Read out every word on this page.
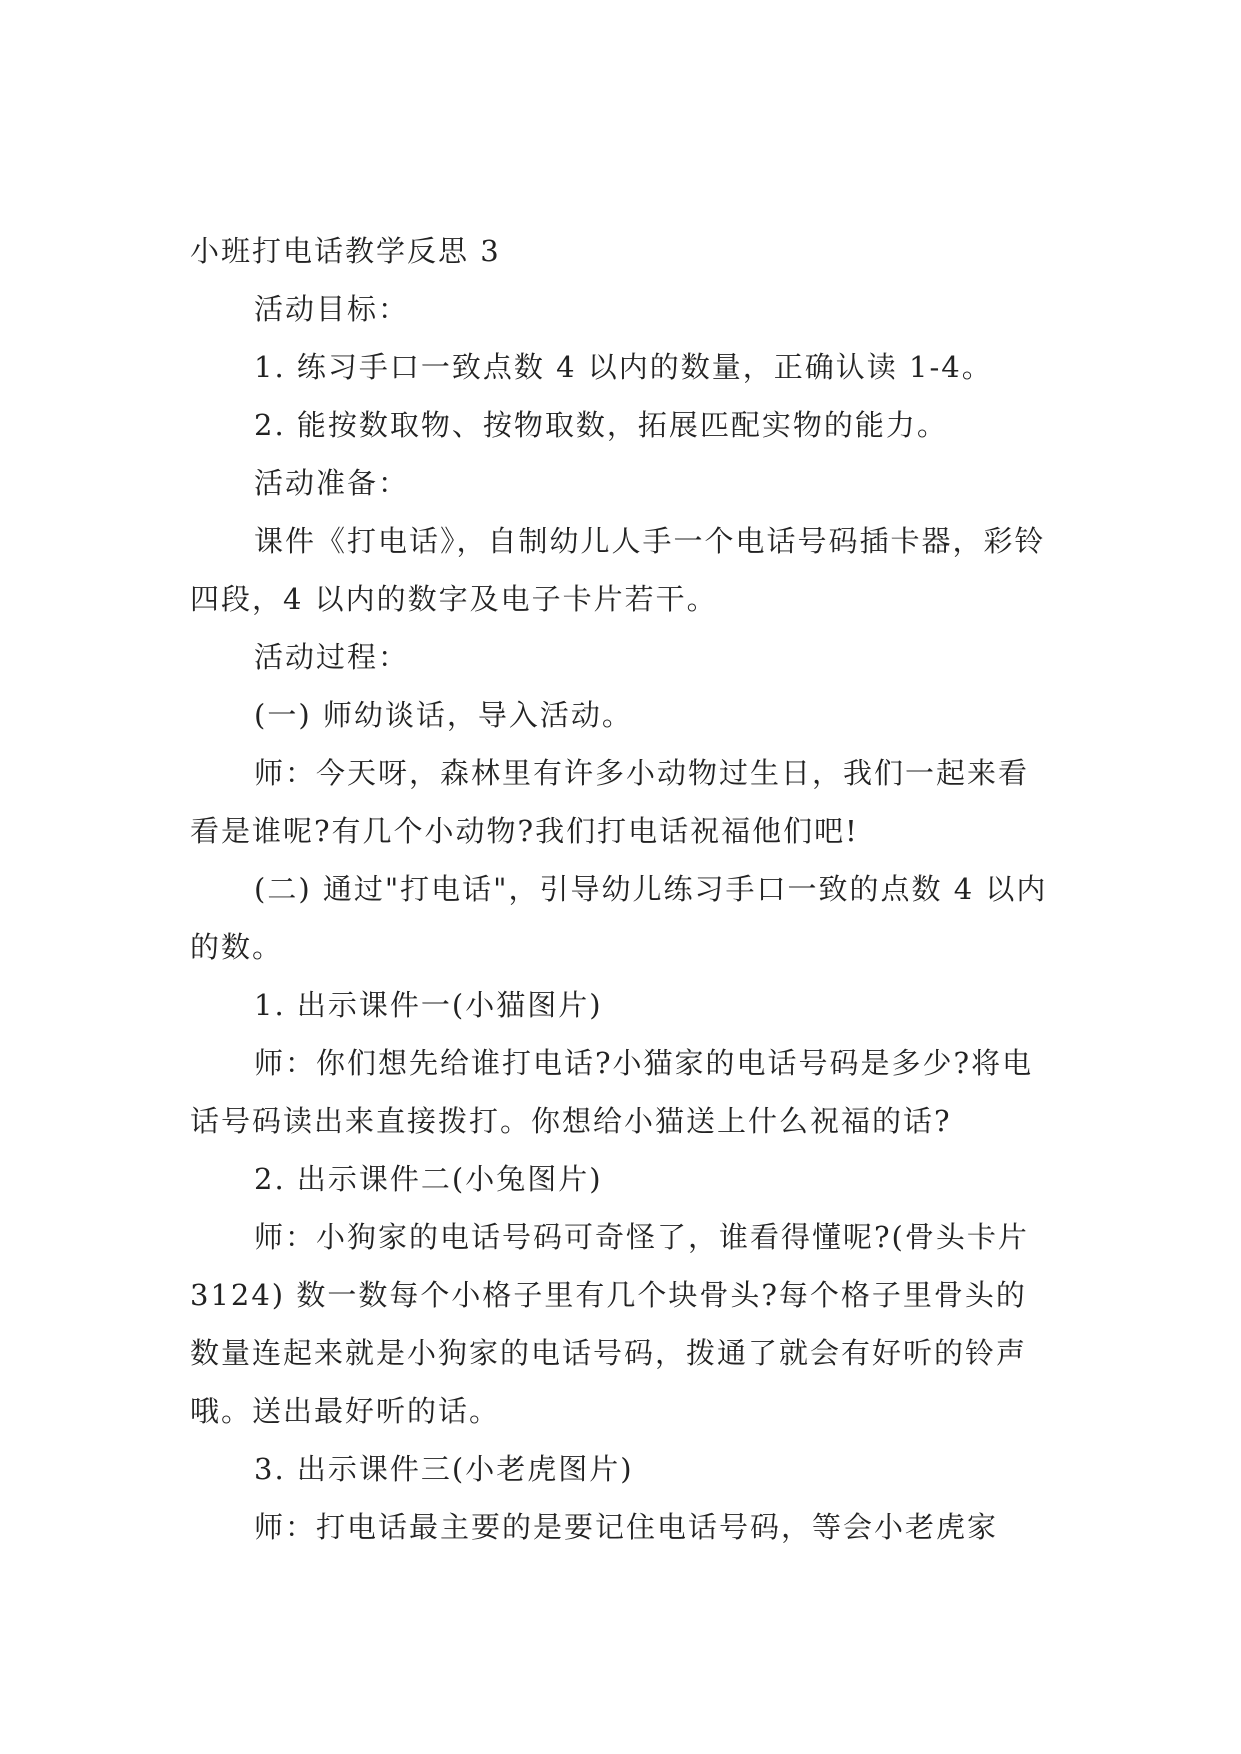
小班打电话教学反思 3

活动目标：

1. 练习手口一致点数 4 以内的数量，正确认读 1-4。

2. 能按数取物、按物取数，拓展匹配实物的能力。

活动准备：

课件《打电话》，自制幼儿人手一个电话号码插卡器，彩铃四段，4 以内的数字及电子卡片若干。

活动过程：

(一) 师幼谈话，导入活动。

师：今天呀，森林里有许多小动物过生日，我们一起来看看是谁呢?有几个小动物?我们打电话祝福他们吧!

(二) 通过"打电话"，引导幼儿练习手口一致的点数 4 以内的数。

1. 出示课件一(小猫图片)

师：你们想先给谁打电话?小猫家的电话号码是多少?将电话号码读出来直接拨打。你想给小猫送上什么祝福的话?

2. 出示课件二(小兔图片)

师：小狗家的电话号码可奇怪了，谁看得懂呢?(骨头卡片 3124) 数一数每个小格子里有几个块骨头?每个格子里骨头的数量连起来就是小狗家的电话号码，拨通了就会有好听的铃声哦。送出最好听的话。

3. 出示课件三(小老虎图片)

师：打电话最主要的是要记住电话号码，等会小老虎家
